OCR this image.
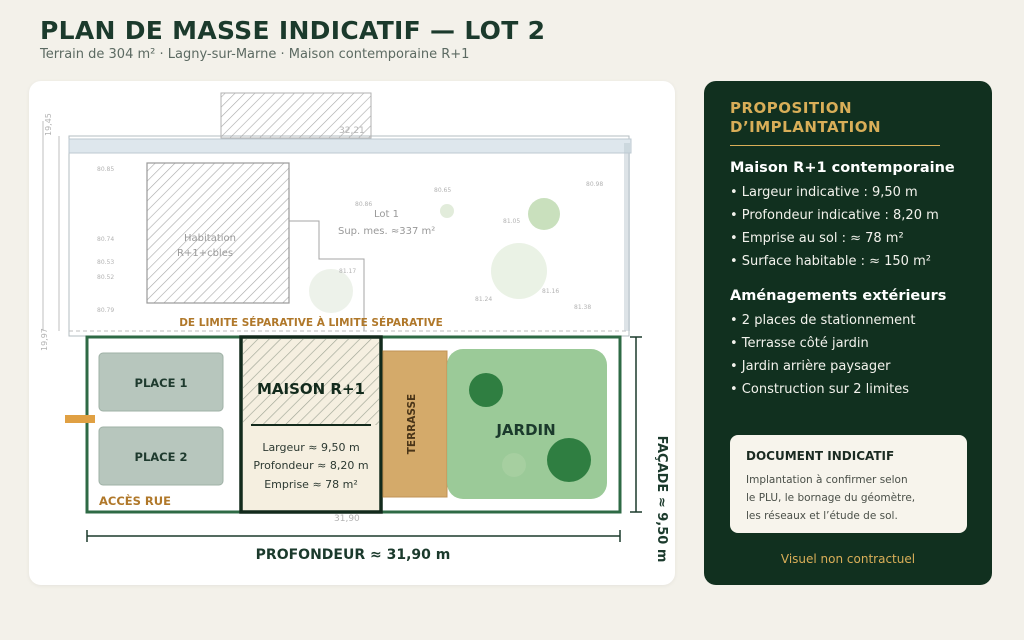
PLAN DE MASSE INDICATIF — LOT 2
Terrain de 304 m² · Lagny-sur-Marne · Maison contemporaine R+1
Habitation
R+1+cbles
Lot 1
Sup. mes. ≈337 m²
31,90
32,21
19,97
19,45
80.85
80.86
80.65
81.05
81.16
81.24
81.17
81.38
80.98
80.53
80.52
80.79
80.74
DE LIMITE SÉPARATIVE À LIMITE SÉPARATIVE
PLACE 1
PLACE 2
ACCÈS RUE
MAISON R+1
Largeur ≈ 9,50 m
Profondeur ≈ 8,20 m
Emprise ≈ 78 m²
TERRASSE	JARDIN
FAÇADE ≈ 9,50 m
PROFONDEUR ≈ 31,90 m
PROPOSITION
D’IMPLANTATION
Maison R+1 contemporaine
• Largeur indicative : 9,50 m
• Profondeur indicative : 8,20 m
• Emprise au sol : ≈ 78 m²
• Surface habitable : ≈ 150 m²
Aménagements extérieurs
• 2 places de stationnement
• Terrasse côté jardin
• Jardin arrière paysager
• Construction sur 2 limites
DOCUMENT INDICATIF
Implantation à confirmer selon
le PLU, le bornage du géomètre,
les réseaux et l’étude de sol.
Visuel non contractuel
